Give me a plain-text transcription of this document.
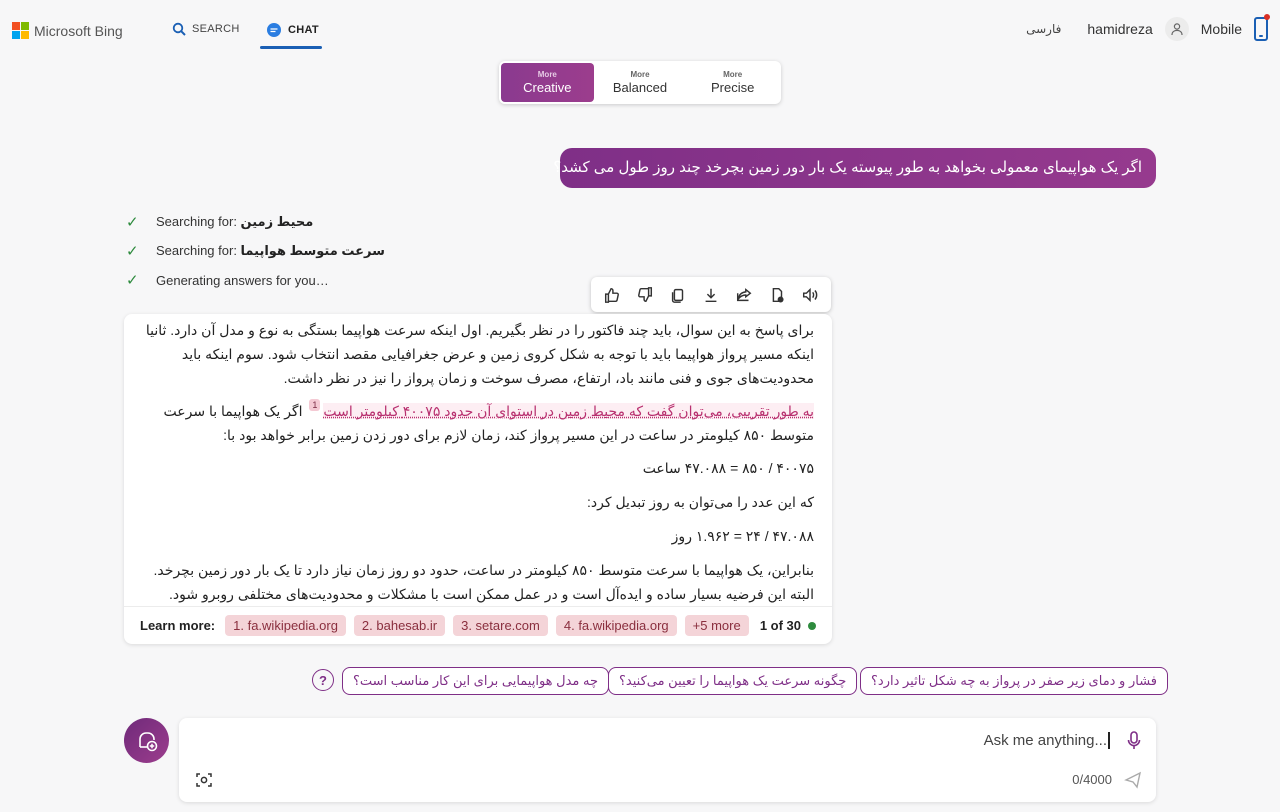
Microsoft Bing	SEARCH	CHAT	فارسی hamidreza	Mobile
More
Creative
More
Balanced
More
Precise
اگر یک هواپیمای معمولی بخواهد به طور پیوسته یک بار دور زمین بچرخد چند روز طول می کشد؟
✓	Searching for: محیط زمین
✓	Searching for: سرعت متوسط هواپیما
✓	Generating answers for you…

برای پاسخ به این سوال، باید چند فاکتور را در نظر بگیریم. اول اینکه سرعت هواپیما بستگی به نوع و مدل آن دارد. ثانیا اینکه مسیر پرواز هواپیما باید با توجه به شکل کروی زمین و عرض جغرافیایی مقصد انتخاب شود. سوم اینکه باید محدودیت‌های جوی و فنی مانند باد، ارتفاع، مصرف سوخت و زمان پرواز را نیز در نظر داشت.

به طور تقریبی، می‌توان گفت که محیط زمین در استوای آن حدود ۴۰۰۷۵ کیلومتر است1 اگر یک هواپیما با سرعت متوسط ۸۵۰ کیلومتر در ساعت در این مسیر پرواز کند، زمان لازم برای دور زدن زمین برابر خواهد بود با:

۴۰۰۷۵ / ۸۵۰ = ۴۷.۰۸۸ ساعت

که این عدد را می‌توان به روز تبدیل کرد:

۴۷.۰۸۸ / ۲۴ = ۱.۹۶۲ روز

بنابراین، یک هواپیما با سرعت متوسط ۸۵۰ کیلومتر در ساعت، حدود دو روز زمان نیاز دارد تا یک بار دور زمین بچرخد. البته این فرضیه بسیار ساده و ایده‌آل است و در عمل ممکن است با مشکلات و محدودیت‌های مختلفی روبرو شود.

Learn more:	1. fa.wikipedia.org	2. bahesab.ir	3. setare.com	4. fa.wikipedia.org	+5 more	1 of 30
?	چه مدل هواپیمایی برای این کار مناسب است؟	چگونه سرعت یک هواپیما را تعیین می‌کنید؟	فشار و دمای زیر صفر در پرواز به چه شکل تاثیر دارد؟
Ask me anything...
0/4000
